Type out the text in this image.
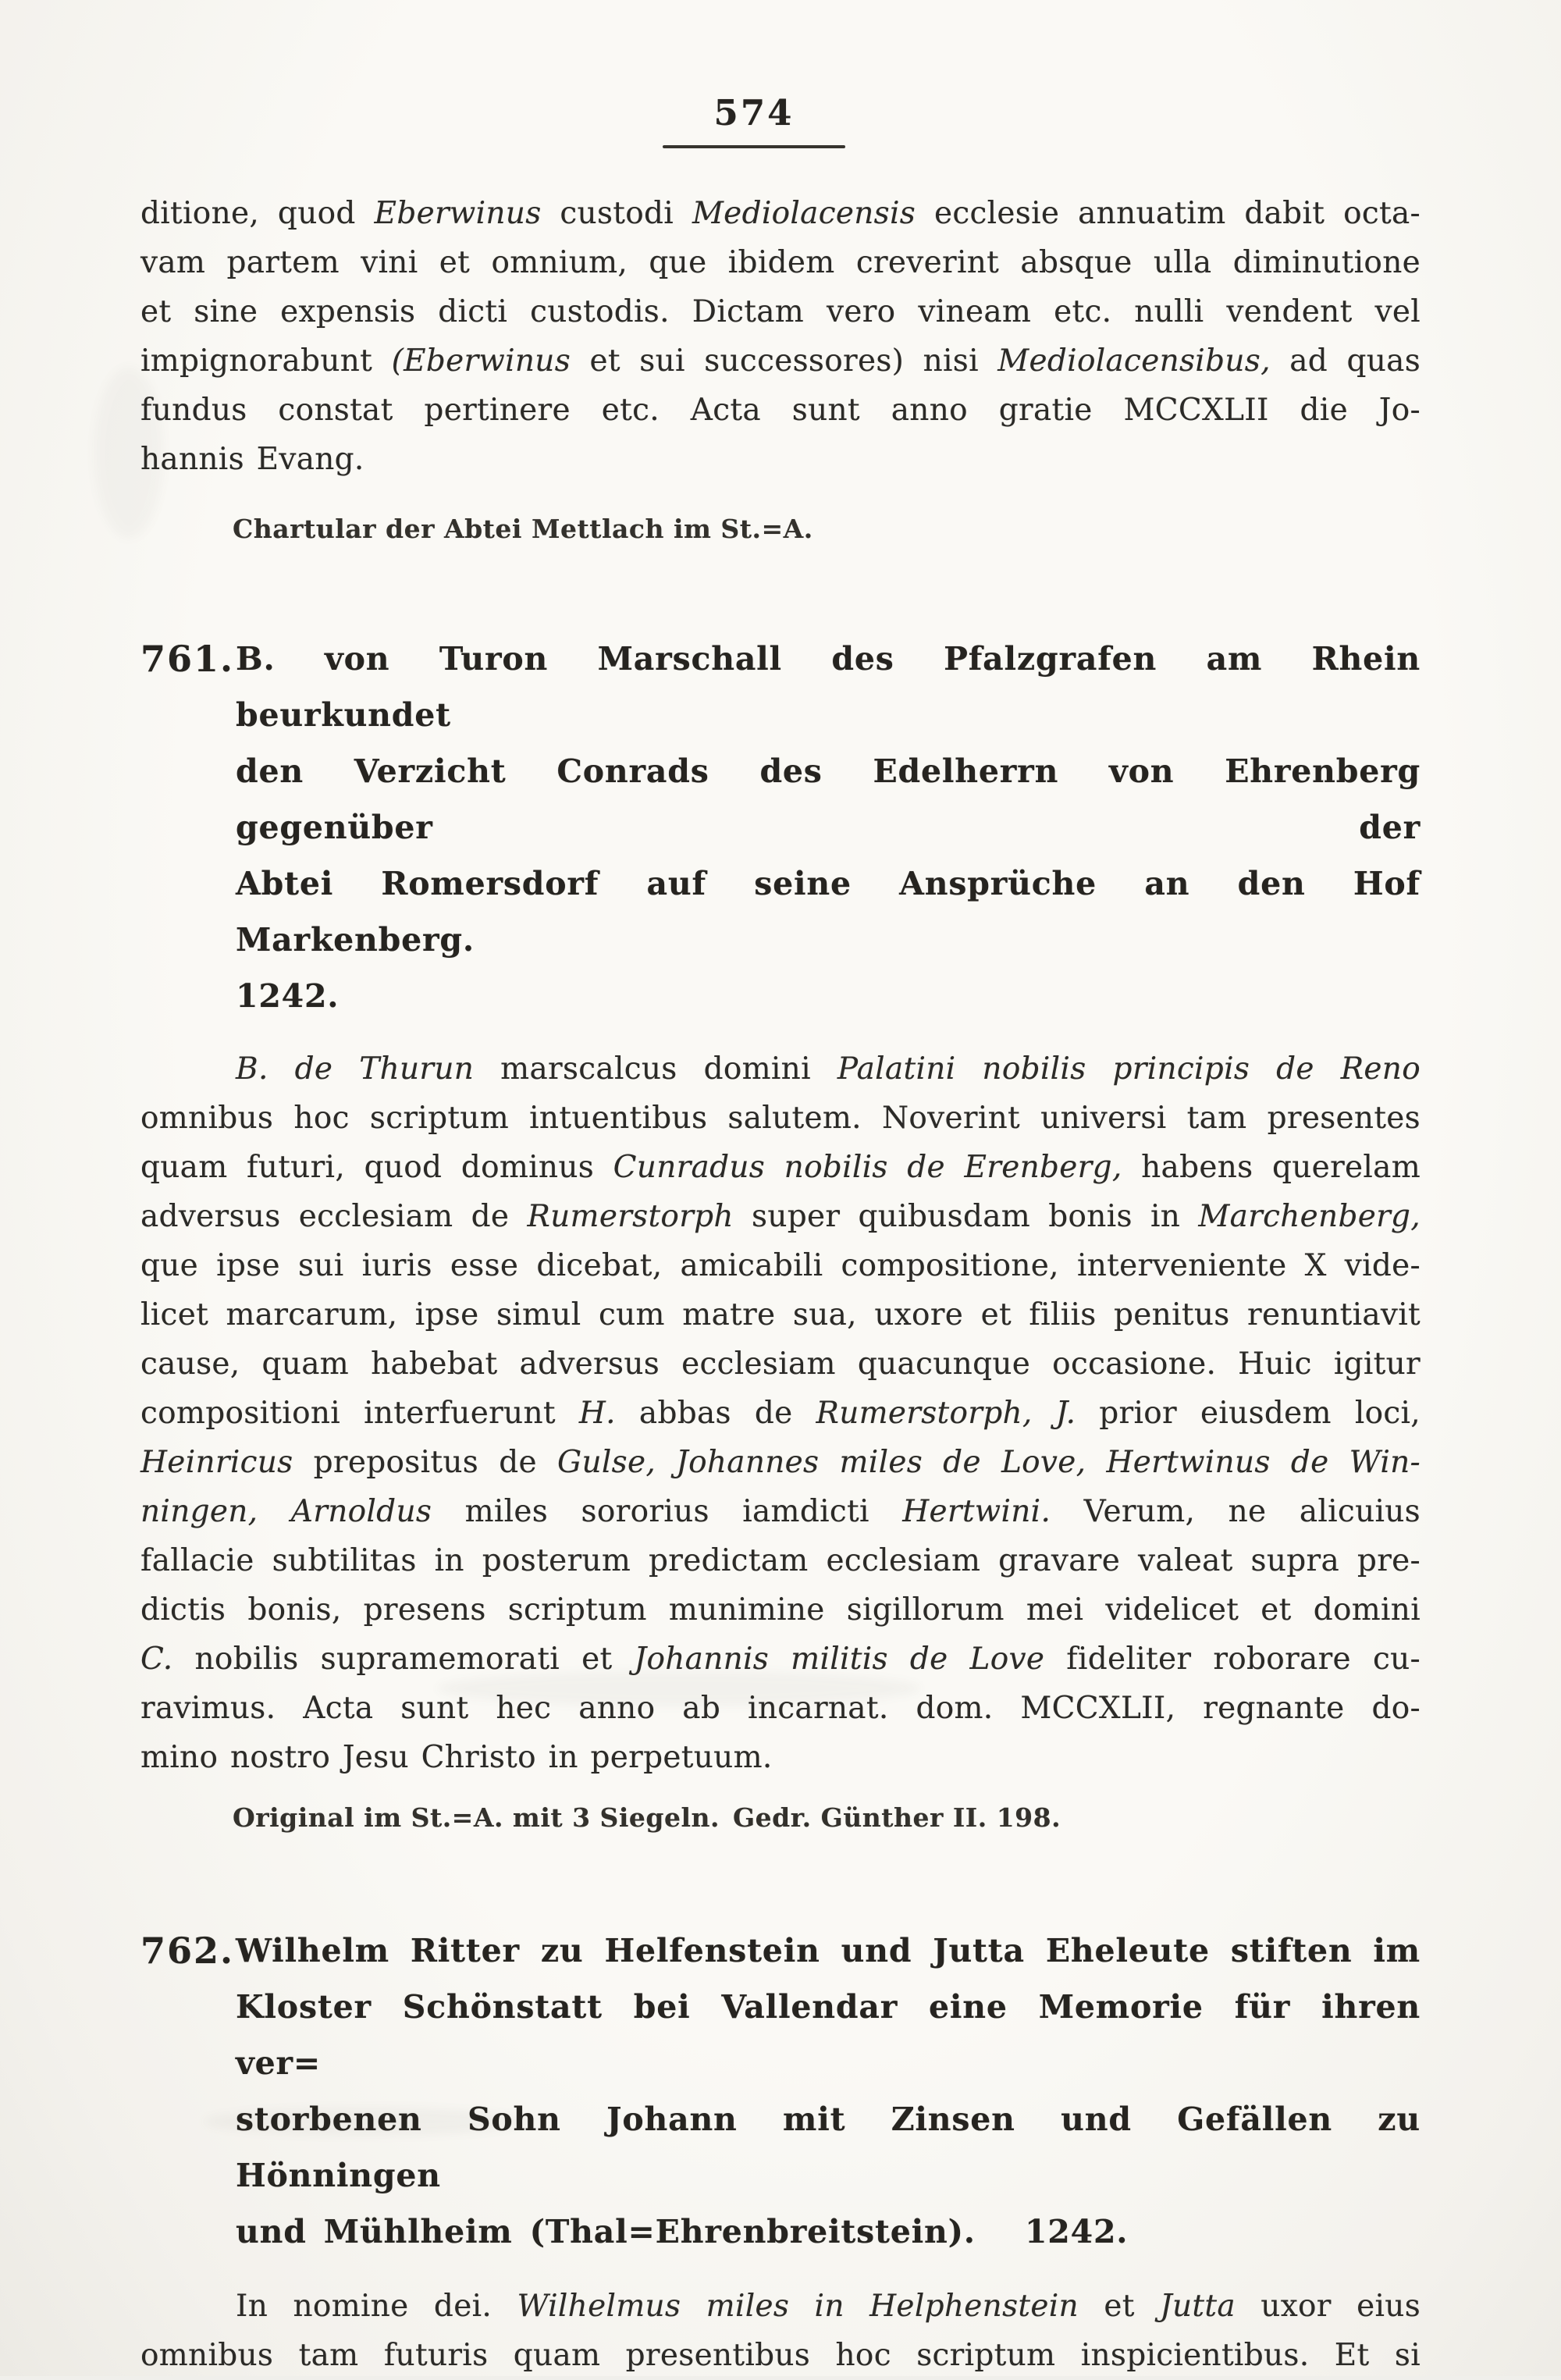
574
ditione, quod Eberwinus custodi Mediolacensis ecclesie annuatim dabit octa-
vam partem vini et omnium, que ibidem creverint absque ulla diminutione
et sine expensis dicti custodis. Dictam vero vineam etc. nulli vendent vel
impignorabunt (Eberwinus et sui successores) nisi Mediolacensibus, ad quas
fundus constat pertinere etc. Acta sunt anno gratie MCCXLII die Jo-
hannis Evang.
Chartular der Abtei Mettlach im St.=A.
761. B. von Turon Marschall des Pfalzgrafen am Rhein beurkundet
den Verzicht Conrads des Edelherrn von Ehrenberg gegenüber der
Abtei Romersdorf auf seine Ansprüche an den Hof Markenberg.
1242.
B. de Thurun marscalcus domini Palatini nobilis principis de Reno
omnibus hoc scriptum intuentibus salutem. Noverint universi tam presentes
quam futuri, quod dominus Cunradus nobilis de Erenberg, habens querelam
adversus ecclesiam de Rumerstorph super quibusdam bonis in Marchenberg,
que ipse sui iuris esse dicebat, amicabili compositione, interveniente X vide-
licet marcarum, ipse simul cum matre sua, uxore et filiis penitus renuntiavit
cause, quam habebat adversus ecclesiam quacunque occasione. Huic igitur
compositioni interfuerunt H. abbas de Rumerstorph, J. prior eiusdem loci,
Heinricus prepositus de Gulse, Johannes miles de Love, Hertwinus de Win-
ningen, Arnoldus miles sororius iamdicti Hertwini. Verum, ne alicuius
fallacie subtilitas in posterum predictam ecclesiam gravare valeat supra pre-
dictis bonis, presens scriptum munimine sigillorum mei videlicet et domini
C. nobilis supramemorati et Johannis militis de Love fideliter roborare cu-
ravimus. Acta sunt hec anno ab incarnat. dom. MCCXLII, regnante do-
mino nostro Jesu Christo in perpetuum.
Original im St.=A. mit 3 Siegeln. Gedr. Günther II. 198.
762. Wilhelm Ritter zu Helfenstein und Jutta Eheleute stiften im
Kloster Schönstatt bei Vallendar eine Memorie für ihren ver=
storbenen Sohn Johann mit Zinsen und Gefällen zu Hönningen
und Mühlheim (Thal=Ehrenbreitstein).  1242.
In nomine dei. Wilhelmus miles in Helphenstein et Jutta uxor eius
omnibus tam futuris quam presentibus hoc scriptum inspicientibus. Et si
